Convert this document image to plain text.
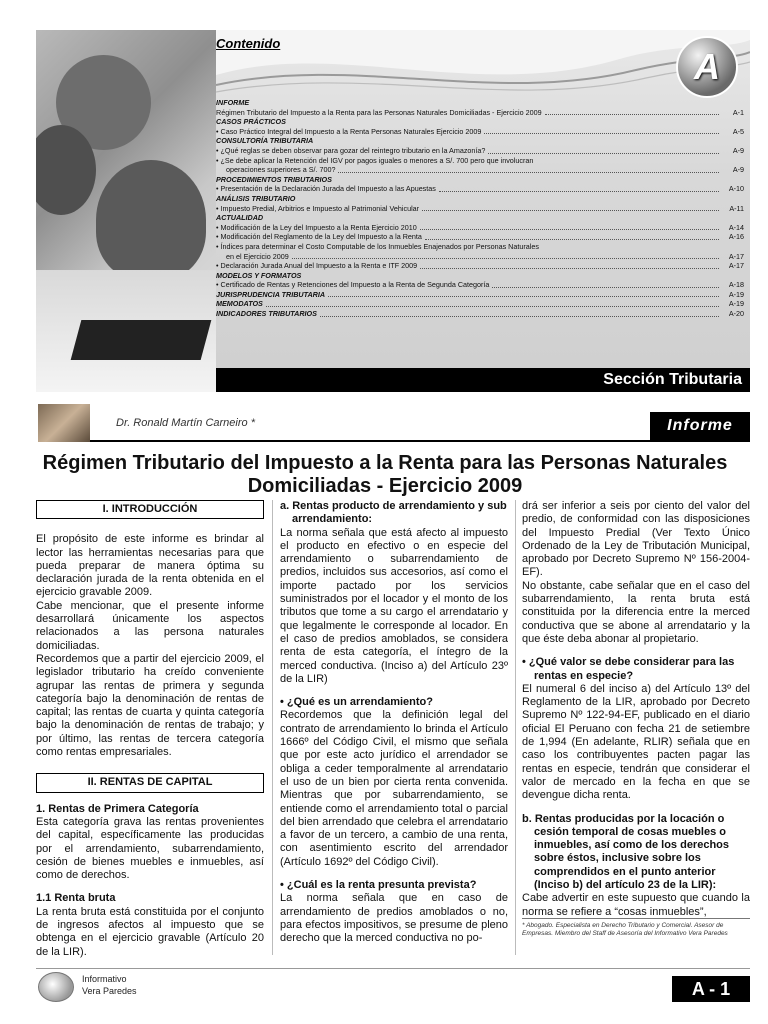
Contenido
A
INFORME
Régimen Tributario del Impuesto a la Renta para las Personas Naturales Domiciliadas - Ejercicio 2009	A-1
CASOS PRÁCTICOS
• Caso Práctico Integral del Impuesto a la Renta Personas Naturales Ejercicio 2009	A-5
CONSULTORÍA TRIBUTARIA
• ¿Qué reglas se deben observar para gozar del reintegro tributario en la Amazonía?	A-9
• ¿Se debe aplicar la Retención del IGV por pagos iguales o menores a S/. 700 pero que involucran
operaciones superiores a S/. 700?	A-9
PROCEDIMIENTOS TRIBUTARIOS
• Presentación de la Declaración Jurada del Impuesto a las Apuestas	A-10
ANÁLISIS TRIBUTARIO
• Impuesto Predial, Arbitrios e Impuesto al Patrimonial Vehicular	A-11
ACTUALIDAD
• Modificación de la Ley del Impuesto a la Renta Ejercicio 2010	A-14
• Modificación del Reglamento de la Ley del Impuesto a la Renta	A-16
• Índices para determinar el Costo Computable de los Inmuebles Enajenados por Personas Naturales
en el Ejercicio 2009	A-17
• Declaración Jurada Anual del Impuesto a la Renta e ITF 2009	A-17
MODELOS Y FORMATOS
• Certificado de Rentas y Retenciones del Impuesto a la Renta de Segunda Categoría	A-18
JURISPRUDENCIA TRIBUTARIA	A-19
MEMODATOS	A-19
INDICADORES TRIBUTARIOS	A-20
Sección Tributaria
Dr. Ronald Martín Carneiro *	Informe
Régimen Tributario del Impuesto a la Renta para las Personas Naturales Domiciliadas - Ejercicio 2009
I. INTRODUCCIÓN

El propósito de este informe es brindar al lector las herramientas necesarias para que pueda preparar de manera óptima su declaración jurada de la renta obtenida en el ejercicio gravable 2009.

Cabe mencionar, que el presente informe desarrollará únicamente los aspectos relacionados a las persona naturales domiciliadas.

Recordemos que a partir del ejercicio 2009, el legislador tributario ha creído conveniente agrupar las rentas de primera y segunda categoría bajo la denominación de rentas de capital; las rentas de cuarta y quinta categoría bajo la denominación de rentas de trabajo; y por último, las rentas de tercera categoría como rentas empresariales.

II. RENTAS DE CAPITAL

1. Rentas de Primera Categoría

Esta categoría grava las rentas provenientes del capital, específicamente las producidas por el arrendamiento, subarrendamiento, cesión de bienes muebles e inmuebles, así como de derechos.

1.1 Renta bruta

La renta bruta está constituida por el conjunto de ingresos afectos al impuesto que se obtenga en el ejercicio gravable (Artículo 20 de la LIR).

a. Rentas producto de arrendamiento y sub arrendamiento:

La norma señala que está afecto al impuesto el producto en efectivo o en especie del arrendamiento o subarrendamiento de predios, incluidos sus accesorios, así como el importe pactado por los servicios suministrados por el locador y el monto de los tributos que tome a su cargo el arrendatario y que legalmente le corresponde al locador. En el caso de predios amoblados, se considera renta de esta categoría, el íntegro de la merced conductiva. (Inciso a) del Artículo 23º de la LIR)

• ¿Qué es un arrendamiento?

Recordemos que la definición legal del contrato de arrendamiento lo brinda el Artículo 1666º del Código Civil, el mismo que señala que por este acto jurídico el arrendador se obliga a ceder temporalmente al arrendatario el uso de un bien por cierta renta convenida. Mientras que por subarrendamiento, se entiende como el arrendamiento total o parcial del bien arrendado que celebra el arrendatario a favor de un tercero, a cambio de una renta, con asentimiento escrito del arrendador (Artículo 1692º del Código Civil).

• ¿Cuál es la renta presunta prevista?

La norma señala que en caso de arrendamiento de predios amoblados o no, para efectos impositivos, se presume de pleno derecho que la merced conductiva no po-

drá ser inferior a seis por ciento del valor del predio, de conformidad con las disposiciones del Impuesto Predial (Ver Texto Único Ordenado de la Ley de Tributación Municipal, aprobado por Decreto Supremo Nº 156-2004-EF).

No obstante, cabe señalar que en el caso del subarrendamiento, la renta bruta está constituida por la diferencia entre la merced conductiva que se abone al arrendatario y la que éste deba abonar al propietario.

• ¿Qué valor se debe considerar para las rentas en especie?

El numeral 6 del inciso a) del Artículo 13º del Reglamento de la LIR, aprobado por Decreto Supremo Nº 122-94-EF, publicado en el diario oficial El Peruano con fecha 21 de setiembre de 1,994 (En adelante, RLIR) señala que en caso los contribuyentes pacten pagar las rentas en especie, tendrán que considerar el valor de mercado en la fecha en que se devengue dicha renta.

b. Rentas producidas por la locación o cesión temporal de cosas muebles o inmuebles, así como de los derechos sobre éstos, inclusive sobre los comprendidos en el punto anterior (Inciso b) del artículo 23 de la LIR):

Cabe advertir en este supuesto que cuando la norma se refiere a “cosas inmuebles”,

* Abogado. Especialista en Derecho Tributario y Comercial. Asesor de Empresas. Miembro del Staff de Asesoría del Informativo Vera Paredes
Informativo
Vera Paredes	A - 1
